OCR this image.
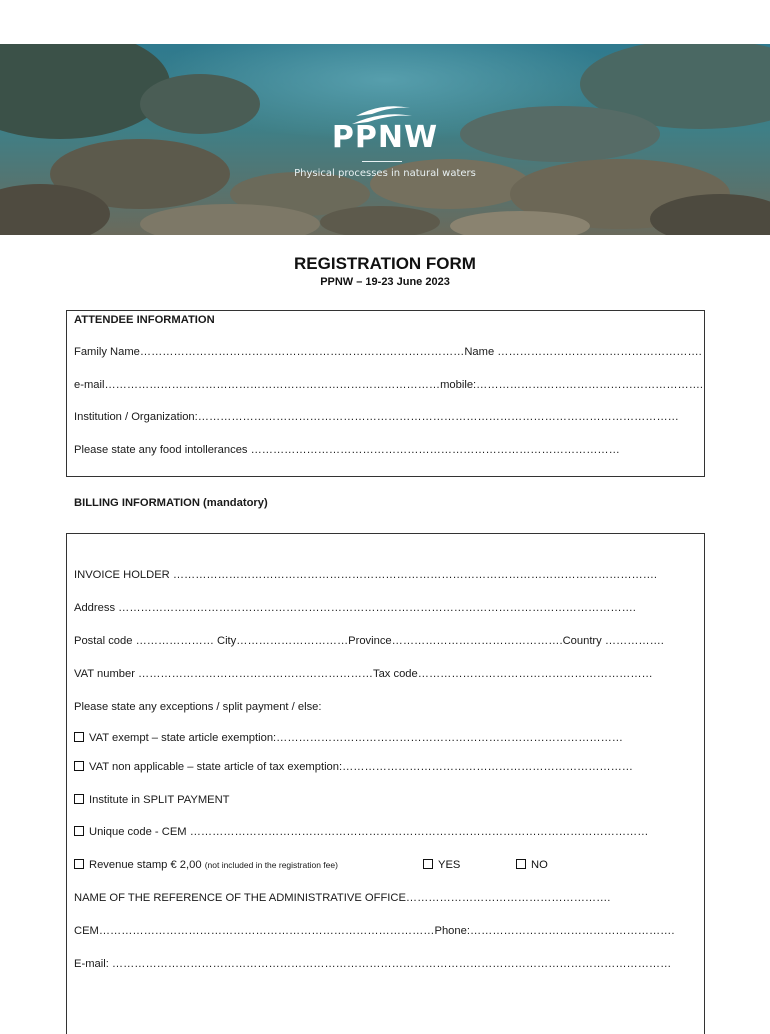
PPNW
Physical processes in natural waters
REGISTRATION FORM
PPNW – 19-23 June 2023
ATTENDEE INFORMATION
Family Name……………………………………………………………………………Name ……………………………………………….
e-mail………………………………………………………………………………mobile:…………………………………………………….
Institution / Organization:…………………………………………………………………………………………………………………
Please state any food intollerances ………………………………………………………………………………………
BILLING INFORMATION (mandatory)
INVOICE HOLDER ………………………………………………………………………………………………………………….
Address ………………………………………………………………………………………………………………………….
Postal code ………………… City…………………………Province……………………………………….Country …………….
VAT number ………………………………………………………Tax code………………………………………………………
Please state any exceptions / split payment / else:
VAT exempt – state article exemption:…………………………………………………………………………………
VAT non applicable – state article of tax exemption:……………………………………………………………………
Institute in SPLIT PAYMENT
Unique code - CEM ……………………………………………………………………………………………………………
Revenue stamp € 2,00 (not included in the registration fee)	YES	NO
NAME OF THE REFERENCE OF THE ADMINISTRATIVE OFFICE……………………………………………….
CEM………………………………………………………………………………Phone:……………………………………………….
E-mail: ……………………………………………………………………………………………………………………………………
